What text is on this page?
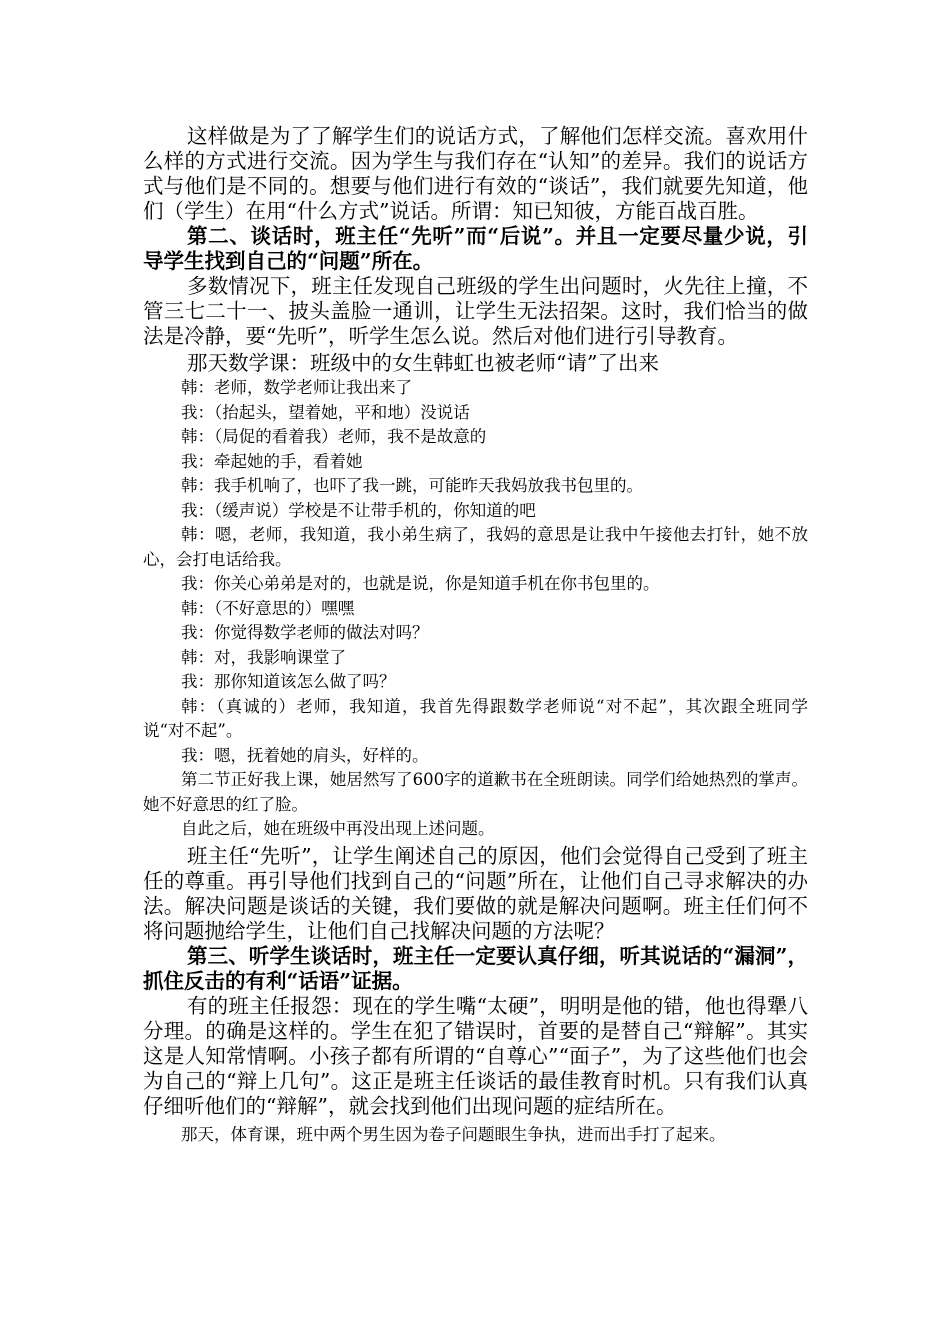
这样做是为了了解学生们的说话方式，了解他们怎样交流。喜欢用什么样的方式进行交流。因为学生与我们存在“认知”的差异。我们的说话方式与他们是不同的。想要与他们进行有效的“谈话”，我们就要先知道，他们（学生）在用“什么方式”说话。所谓：知已知彼，方能百战百胜。

第二、谈话时，班主任“先听”而“后说”。并且一定要尽量少说，引导学生找到自己的“问题”所在。

多数情况下，班主任发现自己班级的学生出问题时，火先往上撞，不管三七二十一、披头盖脸一通训，让学生无法招架。这时，我们恰当的做法是冷静，要“先听”，听学生怎么说。然后对他们进行引导教育。

那天数学课：班级中的女生韩虹也被老师“请”了出来

韩：老师，数学老师让我出来了

我：（抬起头，望着她，平和地）没说话

韩：（局促的看着我）老师，我不是故意的

我：牵起她的手，看着她

韩：我手机响了，也吓了我一跳，可能昨天我妈放我书包里的。

我：（缓声说）学校是不让带手机的，你知道的吧

韩：嗯，老师，我知道，我小弟生病了，我妈的意思是让我中午接他去打针，她不放心，会打电话给我。

我：你关心弟弟是对的，也就是说，你是知道手机在你书包里的。

韩：（不好意思的）嘿嘿

我：你觉得数学老师的做法对吗？

韩：对，我影响课堂了

我：那你知道该怎么做了吗？

韩：（真诚的）老师，我知道，我首先得跟数学老师说“对不起”，其次跟全班同学说“对不起”。

我：嗯，抚着她的肩头，好样的。

第二节正好我上课，她居然写了600字的道歉书在全班朗读。同学们给她热烈的掌声。她不好意思的红了脸。

自此之后，她在班级中再没出现上述问题。

班主任“先听”，让学生阐述自己的原因，他们会觉得自己受到了班主任的尊重。再引导他们找到自己的“问题”所在，让他们自己寻求解决的办法。解决问题是谈话的关键，我们要做的就是解决问题啊。班主任们何不将问题抛给学生，让他们自己找解决问题的方法呢？

第三、听学生谈话时，班主任一定要认真仔细，听其说话的“漏洞”，抓住反击的有利“话语”证据。

有的班主任报怨：现在的学生嘴“太硬”，明明是他的错，他也得犟八分理。的确是这样的。学生在犯了错误时，首要的是替自己“辩解”。其实这是人知常情啊。小孩子都有所谓的“自尊心”“面子”，为了这些他们也会为自己的“辩上几句”。这正是班主任谈话的最佳教育时机。只有我们认真仔细听他们的“辩解”，就会找到他们出现问题的症结所在。

那天，体育课，班中两个男生因为卷子问题眼生争执，进而出手打了起来。
